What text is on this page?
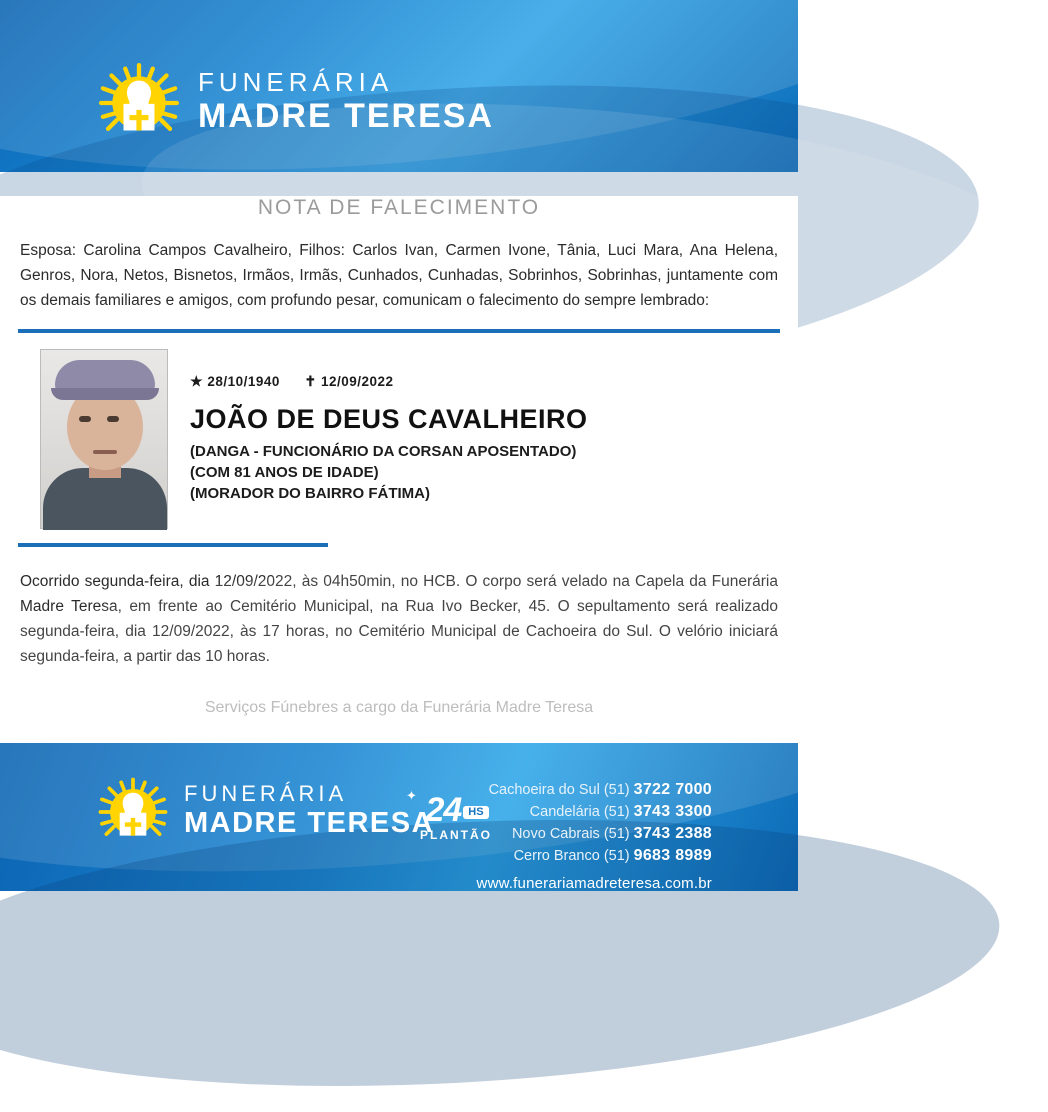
FUNERÁRIA
MADRE TERESA
NOTA DE FALECIMENTO
Esposa: Carolina Campos Cavalheiro, Filhos: Carlos Ivan, Carmen Ivone, Tânia, Luci Mara, Ana Helena, Genros, Nora, Netos, Bisnetos, Irmãos, Irmãs, Cunhados, Cunhadas, Sobrinhos, Sobrinhas, juntamente com os demais familiares e amigos, com profundo pesar, comunicam o falecimento do sempre lembrado:
★ 28/10/1940 ✝ 12/09/2022
JOÃO DE DEUS CAVALHEIRO
(DANGA - FUNCIONÁRIO DA CORSAN APOSENTADO)
(COM 81 ANOS DE IDADE)
(MORADOR DO BAIRRO FÁTIMA)
Ocorrido segunda-feira, dia 12/09/2022, às 04h50min, no HCB. O corpo será velado na Capela da Funerária Madre Teresa, em frente ao Cemitério Municipal, na Rua Ivo Becker, 45. O sepultamento será realizado segunda-feira, dia 12/09/2022, às 17 horas, no Cemitério Municipal de Cachoeira do Sul. O velório iniciará segunda-feira, a partir das 10 horas.
Serviços Fúnebres a cargo da Funerária Madre Teresa
FUNERÁRIA
MADRE TERESA
✦ 24 HS
PLANTÃO
Cachoeira do Sul (51) 3722 7000
Candelária (51) 3743 3300
Novo Cabrais (51) 3743 2388
Cerro Branco (51) 9683 8989
www.funerariamadreteresa.com.br
